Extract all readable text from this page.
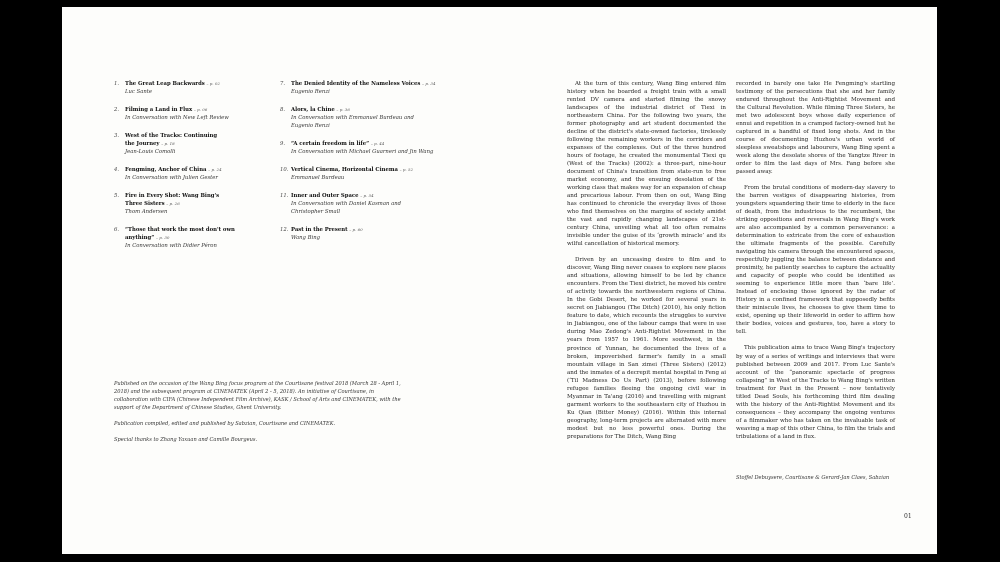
1. The Great Leap Backwards – p. 02
Luc Sante
2. Filming a Land in Flux – p. 06
In Conversation with New Left Review
3. West of the Tracks: Continuing the Journey – p. 18
Jean-Louis Comolli
4. Fengming, Anchor of China – p. 24
In Conversation with Julien Gester
5. Fire in Every Shot: Wang Bing's Three Sisters – p. 26
Thom Andersen
6. “Those that work the most don't own anything” – p. 30
In Conversation with Didier Péron
7. The Denied Identity of the Nameless Voices – p. 34
Eugenio Renzi
8. Alors, la Chine – p. 36
In Conversation with Emmanuel Burdeau and Eugenio Renzi
9. “A certain freedom in life” – p. 44
In Conversation with Michael Guarneri and Jin Wang
10. Vertical Cinema, Horizontal Cinema – p. 52
Emmanuel Burdeau
11. Inner and Outer Space – p. 54
In Conversation with Daniel Kasman and Christopher Small
12. Past in the Present – p. 60
Wang Bing

Published on the occasion of the Wang Bing focus program at the Courtisane festival 2018 (March 28 - April 1, 2018) and the subsequent program at CINEMATEK (April 2 - 5, 2018). An initiative of Courtisane, in collaboration with CIFA (Chinese Independent Film Archive), KASK / School of Arts and CINEMATEK, with the support of the Department of Chinese Studies, Ghent University.

Publication compiled, edited and published by Sabzian, Courtisane and CINEMATEK.

Special thanks to Zhang Yaxuan and Camille Bourgeus.

At the turn of this century, Wang Bing entered film history when he boarded a freight train with a small rented DV camera and started filming the snowy landscapes of the industrial district of Tiexi in northeastern China. For the following two years, the former photography and art student documented the decline of the district's state-owned factories, tirelessly following the remaining workers in the corridors and expanses of the complexes. Out of the three hundred hours of footage, he created the monumental Tiexi qu (West of the Tracks) (2002): a three-part, nine-hour document of China's transition from state-run to free market economy, and the ensuing desolation of the working class that makes way for an expansion of cheap and precarious labour. From then on out, Wang Bing has continued to chronicle the everyday lives of those who find themselves on the margins of society amidst the vast and rapidly changing landscapes of 21st-century China, unveiling what all too often remains invisible under the guise of its ‘growth miracle’ and its wilful cancellation of historical memory.

Driven by an unceasing desire to film and to discover, Wang Bing never ceases to explore new places and situations, allowing himself to be led by chance encounters. From the Tiexi district, he moved his centre of activity towards the northwestern regions of China. In the Gobi Desert, he worked for several years in secret on Jiabiangou (The Ditch) (2010), his only fiction feature to date, which recounts the struggles to survive in Jiabiangou, one of the labour camps that were in use during Mao Zedong's Anti-Rightist Movement in the years from 1957 to 1961. More southwest, in the province of Yunnan, he documented the lives of a broken, impoverished farmer's family in a small mountain village in San zimei (Three Sisters) (2012) and the inmates of a decrepit mental hospital in Feng ai (‘Til Madness Do Us Part) (2013), before following refugee families fleeing the ongoing civil war in Myanmar in Ta'ang (2016) and travelling with migrant garment workers to the southeastern city of Huzhou in Ku Qian (Bitter Money) (2016). Within this internal geography, long-term projects are alternated with more modest but no less powerful ones. During the preparations for The Ditch, Wang Bing

recorded in barely one take He Fengming's startling testimony of the persecutions that she and her family endured throughout the Anti-Rightist Movement and the Cultural Revolution. While filming Three Sisters, he met two adolescent boys whose daily experience of ennui and repetition in a cramped factory-owned hut he captured in a handful of fixed long shots. And in the course of documenting Huzhou's urban world of sleepless sweatshops and labourers, Wang Bing spent a week along the desolate shores of the Yangtze River in order to film the last days of Mrs. Fang before she passed away.

From the brutal conditions of modern-day slavery to the barren vestiges of disappearing histories, from youngsters squandering their time to elderly in the face of death, from the industrious to the recumbent, the striking oppositions and reversals in Wang Bing's work are also accompanied by a common perseverance: a determination to extricate from the core of exhaustion the ultimate fragments of the possible. Carefully navigating his camera through the encountered spaces, respectfully juggling the balance between distance and proximity, he patiently searches to capture the actuality and capacity of people who could be identified as seeming to experience little more than ‘bare life’. Instead of enclosing those ignored by the radar of History in a confined framework that supposedly befits their miniscule lives, he chooses to give them time to exist, opening up their lifeworld in order to affirm how their bodies, voices and gestures, too, have a story to tell.

This publication aims to trace Wang Bing's trajectory by way of a series of writings and interviews that were published between 2009 and 2017. From Luc Sante's account of the “panoramic spectacle of progress collapsing” in West of the Tracks to Wang Bing's written treatment for Past in the Present – now tentatively titled Dead Souls, his forthcoming third film dealing with the history of the Anti-Rightist Movement and its consequences – they accompany the ongoing ventures of a filmmaker who has taken on the invaluable task of weaving a map of this other China, to film the trials and tribulations of a land in flux.

Stoffel Debuysere, Courtisane & Gerard-Jan Claes, Sabzian
01
